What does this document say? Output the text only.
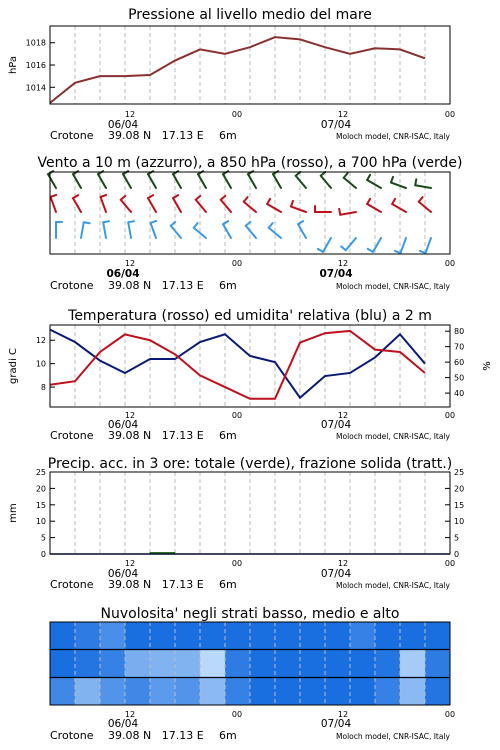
Pressione al livello medio del mare
1014
1016
1018
hPa
12	00	12	00
06/04	07/04
Crotone 39.08 N   17.13 E 6m	Moloch model, CNR-ISAC, Italy
Vento a 10 m (azzurro), a 850 hPa (rosso), a 700 hPa (verde)
12	00	12	00
06/04	07/04
Crotone 39.08 N   17.13 E 6m	Moloch model, CNR-ISAC, Italy
Temperatura (rosso) ed umidita' relativa (blu) a 2 m
8
10
12
40
50
60
70
80
gradi C	%
12	00	12	00
06/04	07/04
Crotone 39.08 N   17.13 E 6m	Moloch model, CNR-ISAC, Italy
Precip. acc. in 3 ore: totale (verde), frazione solida (tratt.)
0
5
10
15
20
25
0
5
10
15
20
25
mm
12	00	12	00
06/04	07/04
Crotone 39.08 N   17.13 E 6m	Moloch model, CNR-ISAC, Italy
Nuvolosita' negli strati basso, medio e alto
12	00	12	00
06/04	07/04
Crotone 39.08 N   17.13 E 6m	Moloch model, CNR-ISAC, Italy
